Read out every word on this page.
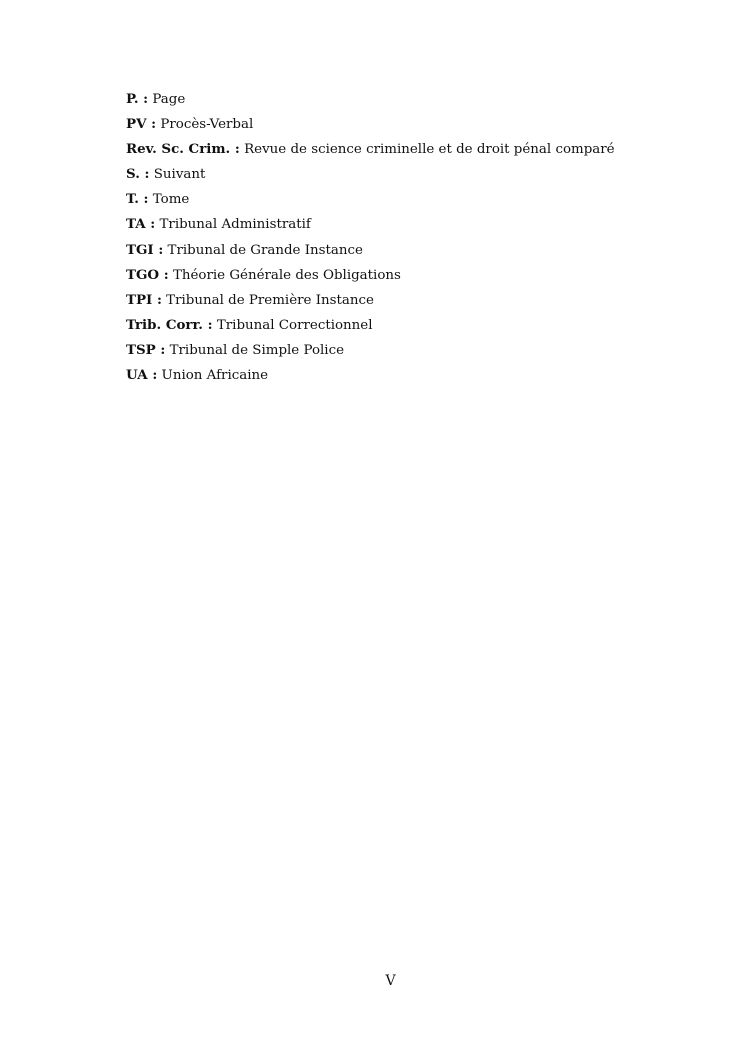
P. : Page
PV : Procès-Verbal
Rev. Sc. Crim. : Revue de science criminelle et de droit pénal comparé
S. : Suivant
T. : Tome
TA : Tribunal Administratif
TGI : Tribunal de Grande Instance
TGO : Théorie Générale des Obligations
TPI : Tribunal de Première Instance
Trib. Corr. : Tribunal Correctionnel
TSP : Tribunal de Simple Police
UA : Union Africaine
V
